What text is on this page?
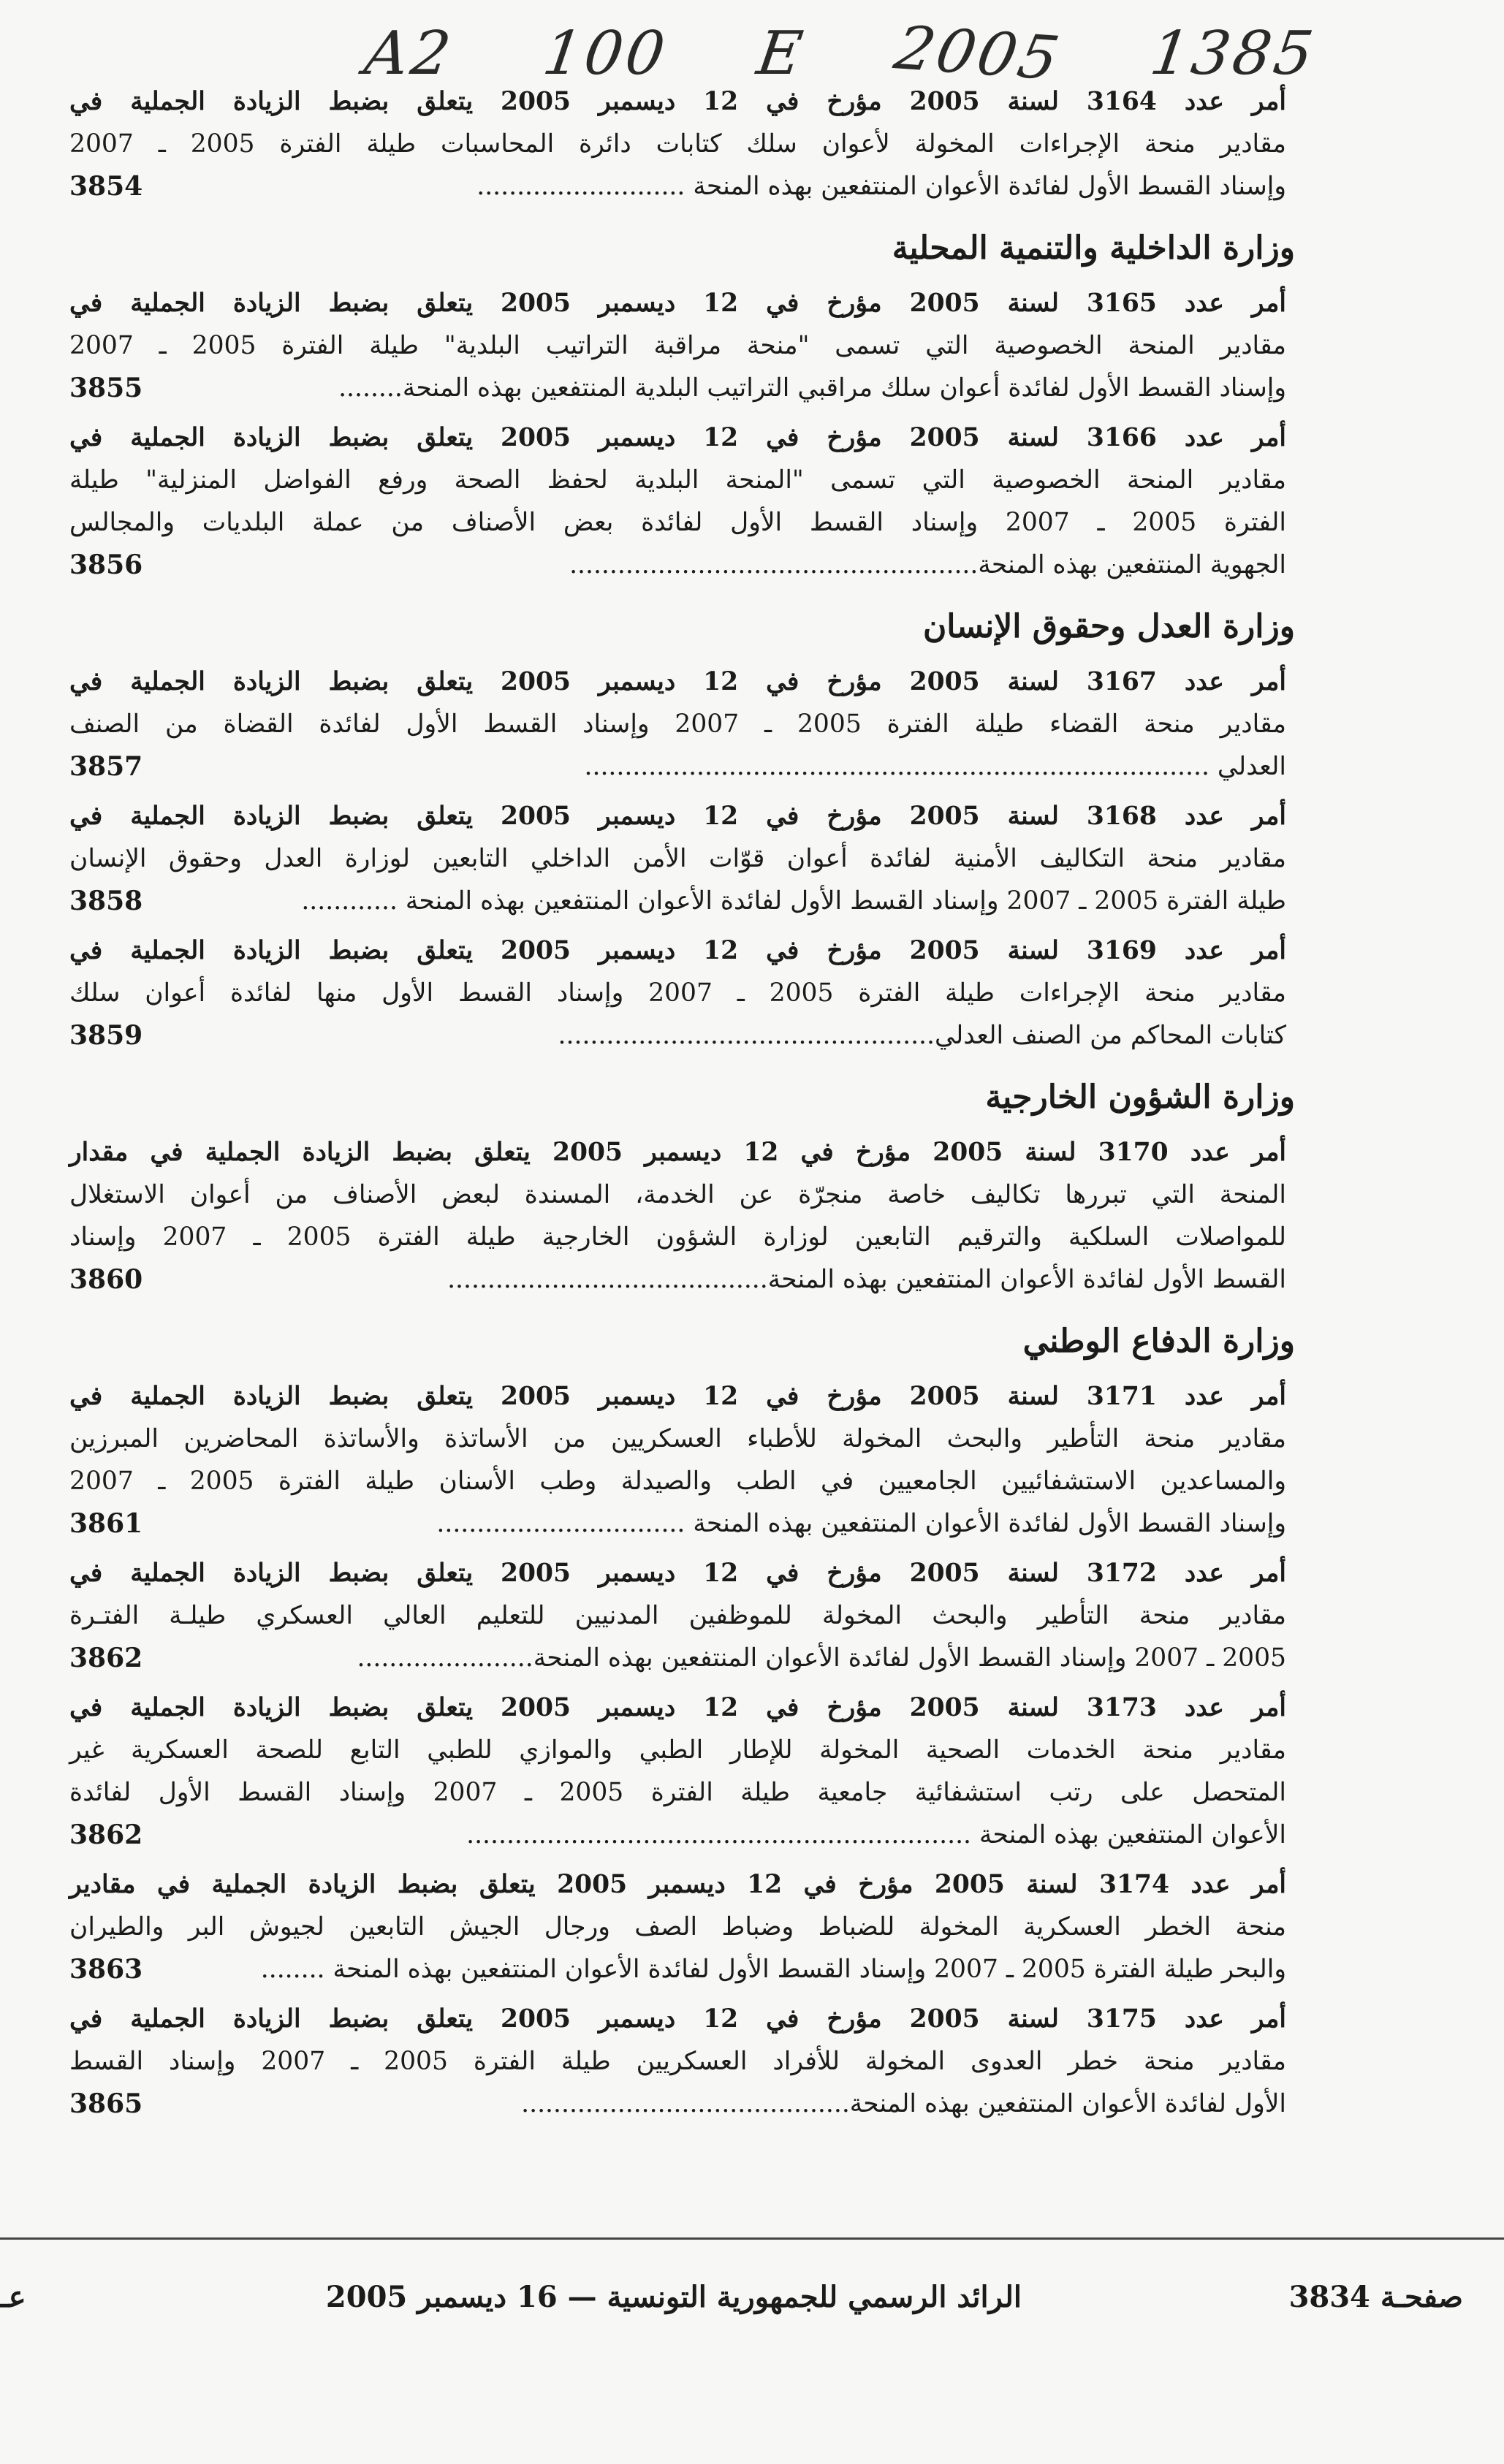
A2 100 E 2005 1385
أمر عدد 3164 لسنة 2005 مؤرخ في 12 ديسمبر 2005 يتعلق بضبط الزيادة الجملية في
مقادير منحة الإجراءات المخولة لأعوان سلك كتابات دائرة المحاسبات طيلة الفترة 2005 ـ 2007
وإسناد القسط الأول لفائدة الأعوان المنتفعين بهذه المنحة ..........................
3854
وزارة الداخلية والتنمية المحلية
أمر عدد 3165 لسنة 2005 مؤرخ في 12 ديسمبر 2005 يتعلق بضبط الزيادة الجملية في
مقادير المنحة الخصوصية التي تسمى "منحة مراقبة التراتيب البلدية" طيلة الفترة 2005 ـ 2007
وإسناد القسط الأول لفائدة أعوان سلك مراقبي التراتيب البلدية المنتفعين بهذه المنحة........
3855
أمر عدد 3166 لسنة 2005 مؤرخ في 12 ديسمبر 2005 يتعلق بضبط الزيادة الجملية في
مقادير المنحة الخصوصية التي تسمى "المنحة البلدية لحفظ الصحة ورفع الفواضل المنزلية" طيلة
الفترة 2005 ـ 2007 وإسناد القسط الأول لفائدة بعض الأصناف من عملة البلديات والمجالس
الجهوية المنتفعين بهذه المنحة...................................................
3856
وزارة العدل وحقوق الإنسان
أمر عدد 3167 لسنة 2005 مؤرخ في 12 ديسمبر 2005 يتعلق بضبط الزيادة الجملية في
مقادير منحة القضاء طيلة الفترة 2005 ـ 2007 وإسناد القسط الأول لفائدة القضاة من الصنف
العدلي ..............................................................................
3857
أمر عدد 3168 لسنة 2005 مؤرخ في 12 ديسمبر 2005 يتعلق بضبط الزيادة الجملية في
مقادير منحة التكاليف الأمنية لفائدة أعوان قوّات الأمن الداخلي التابعين لوزارة العدل وحقوق الإنسان
طيلة الفترة 2005 ـ 2007 وإسناد القسط الأول لفائدة الأعوان المنتفعين بهذه المنحة ............
3858
أمر عدد 3169 لسنة 2005 مؤرخ في 12 ديسمبر 2005 يتعلق بضبط الزيادة الجملية في
مقادير منحة الإجراءات طيلة الفترة 2005 ـ 2007 وإسناد القسط الأول منها لفائدة أعوان سلك
كتابات المحاكم من الصنف العدلي...............................................
3859
وزارة الشؤون الخارجية
أمر عدد 3170 لسنة 2005 مؤرخ في 12 ديسمبر 2005 يتعلق بضبط الزيادة الجملية في مقدار
المنحة التي تبررها تكاليف خاصة منجرّة عن الخدمة، المسندة لبعض الأصناف من أعوان الاستغلال
للمواصلات السلكية والترقيم التابعين لوزارة الشؤون الخارجية طيلة الفترة 2005 ـ 2007 وإسناد
القسط الأول لفائدة الأعوان المنتفعين بهذه المنحة........................................
3860
وزارة الدفاع الوطني
أمر عدد 3171 لسنة 2005 مؤرخ في 12 ديسمبر 2005 يتعلق بضبط الزيادة الجملية في
مقادير منحة التأطير والبحث المخولة للأطباء العسكريين من الأساتذة والأساتذة المحاضرين المبرزين
والمساعدين الاستشفائيين الجامعيين في الطب والصيدلة وطب الأسنان طيلة الفترة 2005 ـ 2007
وإسناد القسط الأول لفائدة الأعوان المنتفعين بهذه المنحة ...............................
3861
أمر عدد 3172 لسنة 2005 مؤرخ في 12 ديسمبر 2005 يتعلق بضبط الزيادة الجملية في
مقادير منحة التأطير والبحث المخولة للموظفين المدنيين للتعليم العالي العسكري طيلـة الفتـرة
2005 ـ 2007 وإسناد القسط الأول لفائدة الأعوان المنتفعين بهذه المنحة......................
3862
أمر عدد 3173 لسنة 2005 مؤرخ في 12 ديسمبر 2005 يتعلق بضبط الزيادة الجملية في
مقادير منحة الخدمات الصحية المخولة للإطار الطبي والموازي للطبي التابع للصحة العسكرية غير
المتحصل على رتب استشفائية جامعية طيلة الفترة 2005 ـ 2007 وإسناد القسط الأول لفائدة
الأعوان المنتفعين بهذه المنحة ...............................................................
3862
أمر عدد 3174 لسنة 2005 مؤرخ في 12 ديسمبر 2005 يتعلق بضبط الزيادة الجملية في مقادير
منحة الخطر العسكرية المخولة للضباط وضباط الصف ورجال الجيش التابعين لجيوش البر والطيران
والبحر طيلة الفترة 2005 ـ 2007 وإسناد القسط الأول لفائدة الأعوان المنتفعين بهذه المنحة ........
3863
أمر عدد 3175 لسنة 2005 مؤرخ في 12 ديسمبر 2005 يتعلق بضبط الزيادة الجملية في
مقادير منحة خطر العدوى المخولة للأفراد العسكريين طيلة الفترة 2005 ـ 2007 وإسناد القسط
الأول لفائدة الأعوان المنتفعين بهذه المنحة.........................................
3865
صفحـة 3834
الرائد الرسمي للجمهورية التونسية — 16 ديسمبر 2005
عـ
